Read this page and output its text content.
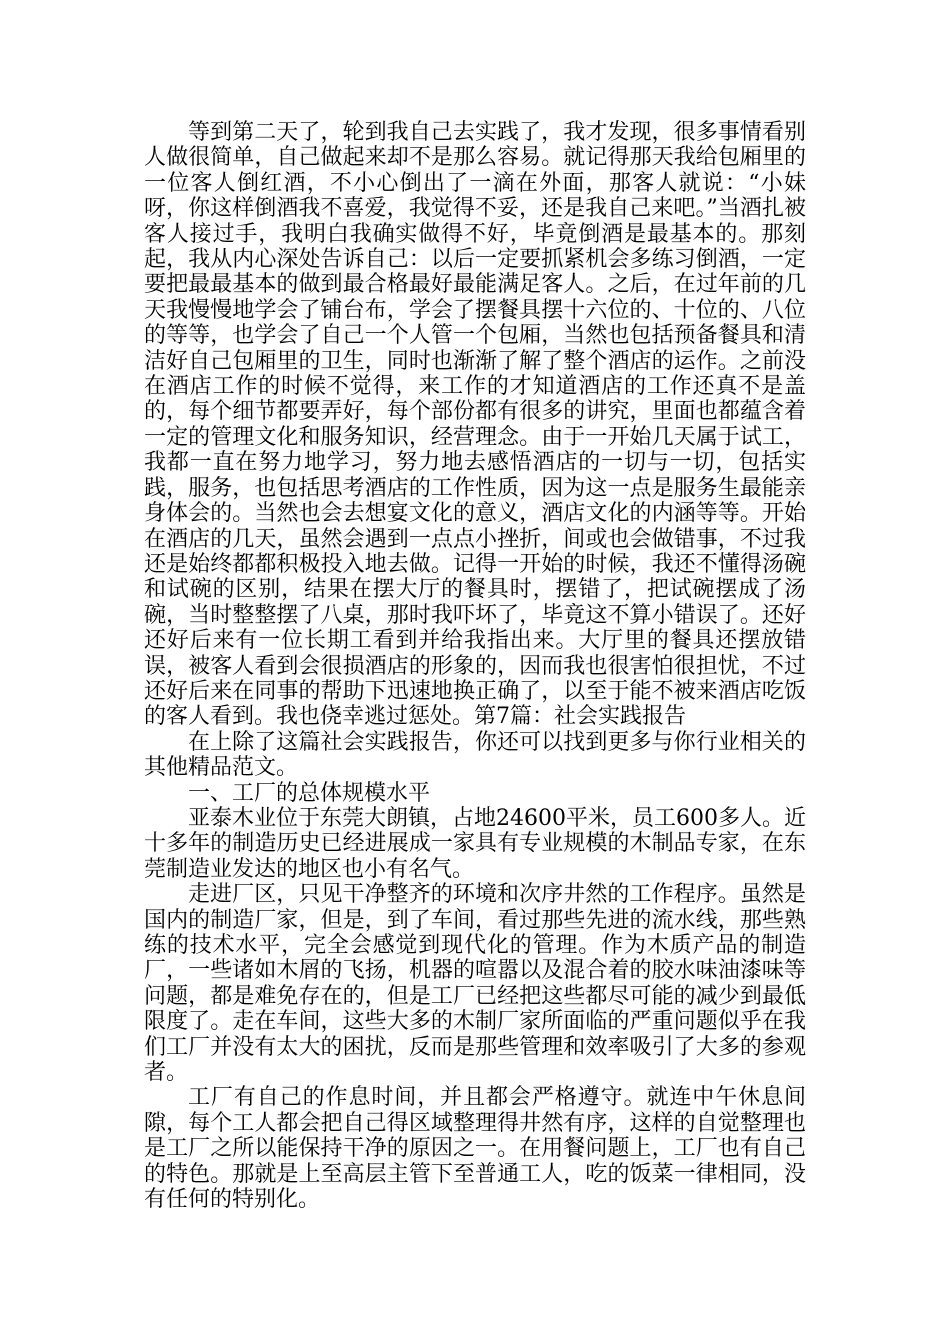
等到第二天了，轮到我自己去实践了，我才发现，很多事情看别人做很简单，自己做起来却不是那么容易。就记得那天我给包厢里的一位客人倒红酒，不小心倒出了一滴在外面，那客人就说：“小妹呀，你这样倒酒我不喜爱，我觉得不妥，还是我自己来吧。”当酒扎被客人接过手，我明白我确实做得不好，毕竟倒酒是最基本的。那刻起，我从内心深处告诉自己：以后一定要抓紧机会多练习倒酒，一定要把最最基本的做到最合格最好最能满足客人。之后，在过年前的几天我慢慢地学会了铺台布，学会了摆餐具摆十六位的、十位的、八位的等等，也学会了自己一个人管一个包厢，当然也包括预备餐具和清洁好自己包厢里的卫生，同时也渐渐了解了整个酒店的运作。之前没在酒店工作的时候不觉得，来工作的才知道酒店的工作还真不是盖的，每个细节都要弄好，每个部份都有很多的讲究，里面也都蕴含着一定的管理文化和服务知识，经营理念。由于一开始几天属于试工，我都一直在努力地学习，努力地去感悟酒店的一切与一切，包括实践，服务，也包括思考酒店的工作性质，因为这一点是服务生最能亲身体会的。当然也会去想宴文化的意义，酒店文化的内涵等等。开始在酒店的几天，虽然会遇到一点点小挫折，间或也会做错事，不过我还是始终都都积极投入地去做。记得一开始的时候，我还不懂得汤碗和试碗的区别，结果在摆大厅的餐具时，摆错了，把试碗摆成了汤碗，当时整整摆了八桌，那时我吓坏了，毕竟这不算小错误了。还好还好后来有一位长期工看到并给我指出来。大厅里的餐具还摆放错误，被客人看到会很损酒店的形象的，因而我也很害怕很担忧，不过还好后来在同事的帮助下迅速地换正确了，以至于能不被来酒店吃饭的客人看到。我也侥幸逃过惩处。第7篇：社会实践报告

在上除了这篇社会实践报告，你还可以找到更多与你行业相关的其他精品范文。

一、工厂的总体规模水平

亚泰木业位于东莞大朗镇，占地24600平米，员工600多人。近十多年的制造历史已经进展成一家具有专业规模的木制品专家，在东莞制造业发达的地区也小有名气。

走进厂区，只见干净整齐的环境和次序井然的工作程序。虽然是国内的制造厂家，但是，到了车间，看过那些先进的流水线，那些熟练的技术水平，完全会感觉到现代化的管理。作为木质产品的制造厂，一些诸如木屑的飞扬，机器的喧嚣以及混合着的胶水味油漆味等问题，都是难免存在的，但是工厂已经把这些都尽可能的减少到最低限度了。走在车间，这些大多的木制厂家所面临的严重问题似乎在我们工厂并没有太大的困扰，反而是那些管理和效率吸引了大多的参观者。

工厂有自己的作息时间，并且都会严格遵守。就连中午休息间隙，每个工人都会把自己得区域整理得井然有序，这样的自觉整理也是工厂之所以能保持干净的原因之一。在用餐问题上，工厂也有自己的特色。那就是上至高层主管下至普通工人，吃的饭菜一律相同，没有任何的特别化。
